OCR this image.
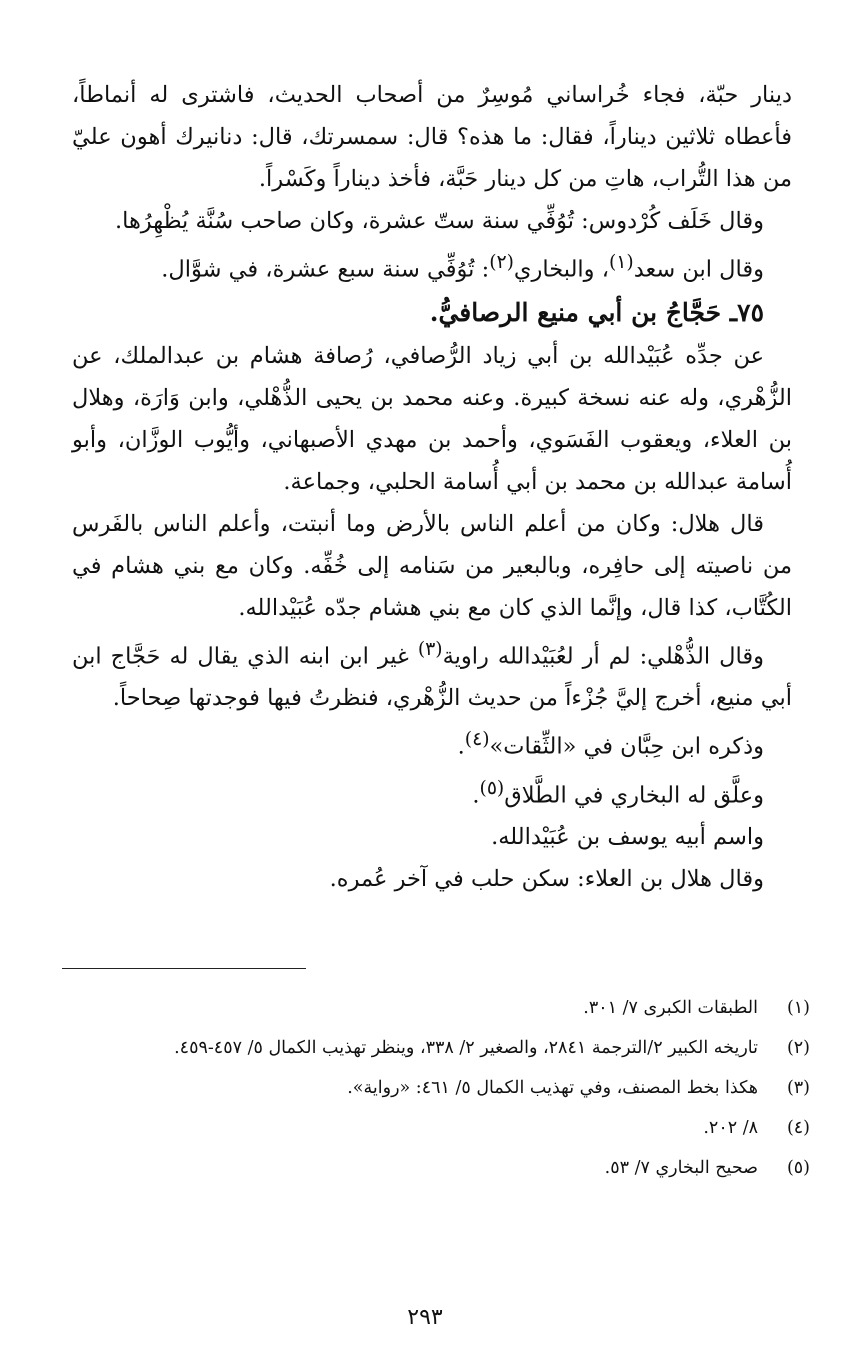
دينار حبّة، فجاء خُراساني مُوسِرٌ من أصحاب الحديث، فاشترى له أنماطاً، فأعطاه ثلاثين ديناراً، فقال: ما هذه؟ قال: سمسرتك، قال: دنانيرك أهون عليّ من هذا التُّراب، هاتِ من كل دينار حَبَّة، فأخذ ديناراً وكَسْراً.

وقال خَلَف كُرْدوس: تُوُفِّي سنة ستّ عشرة، وكان صاحب سُنَّة يُظْهِرُها.

وقال ابن سعد$^{(١)}$، والبخاري$^{(٢)}$: تُوُفِّي سنة سبع عشرة، في شوَّال.

٧٥ـ حَجَّاجُ بن أبي منيع الرصافيُّ.

عن جدِّه عُبَيْدالله بن أبي زياد الرُّصافي، رُصافة هشام بن عبدالملك، عن الزُّهْري، وله عنه نسخة كبيرة. وعنه محمد بن يحيى الذُّهْلي، وابن وَارَة، وهلال بن العلاء، ويعقوب الفَسَوي، وأحمد بن مهدي الأصبهاني، وأيُّوب الوزَّان، وأبو أُسامة عبدالله بن محمد بن أبي أُسامة الحلبي، وجماعة.

قال هلال: وكان من أعلم الناس بالأرض وما أنبتت، وأعلم الناس بالفَرس من ناصيته إلى حافِره، وبالبعير من سَنامه إلى خُفِّه. وكان مع بني هشام في الكُتَّاب، كذا قال، وإنَّما الذي كان مع بني هشام جدّه عُبَيْدالله.

وقال الذُّهْلي: لم أر لعُبَيْدالله راوية$^{(٣)}$ غير ابن ابنه الذي يقال له حَجَّاج ابن أبي منيع، أخرج إليَّ جُزْءاً من حديث الزُّهْري، فنظرتُ فيها فوجدتها صِحاحاً.

وذكره ابن حِبَّان في «الثِّقات»$^{(٤)}$.

وعلَّق له البخاري في الطَّلاق$^{(٥)}$.

واسم أبيه يوسف بن عُبَيْدالله.

وقال هلال بن العلاء: سكن حلب في آخر عُمره.

(١)
الطبقات الكبرى ٧/ ٣٠١.
(٢)
تاريخه الكبير ٢/الترجمة ٢٨٤١، والصغير ٢/ ٣٣٨، وينظر تهذيب الكمال ٥/ ٤٥٧-٤٥٩.
(٣)
هكذا بخط المصنف، وفي تهذيب الكمال ٥/ ٤٦١: «رواية».
(٤)
٨/ ٢٠٢.
(٥)
صحيح البخاري ٧/ ٥٣.
٢٩٣
